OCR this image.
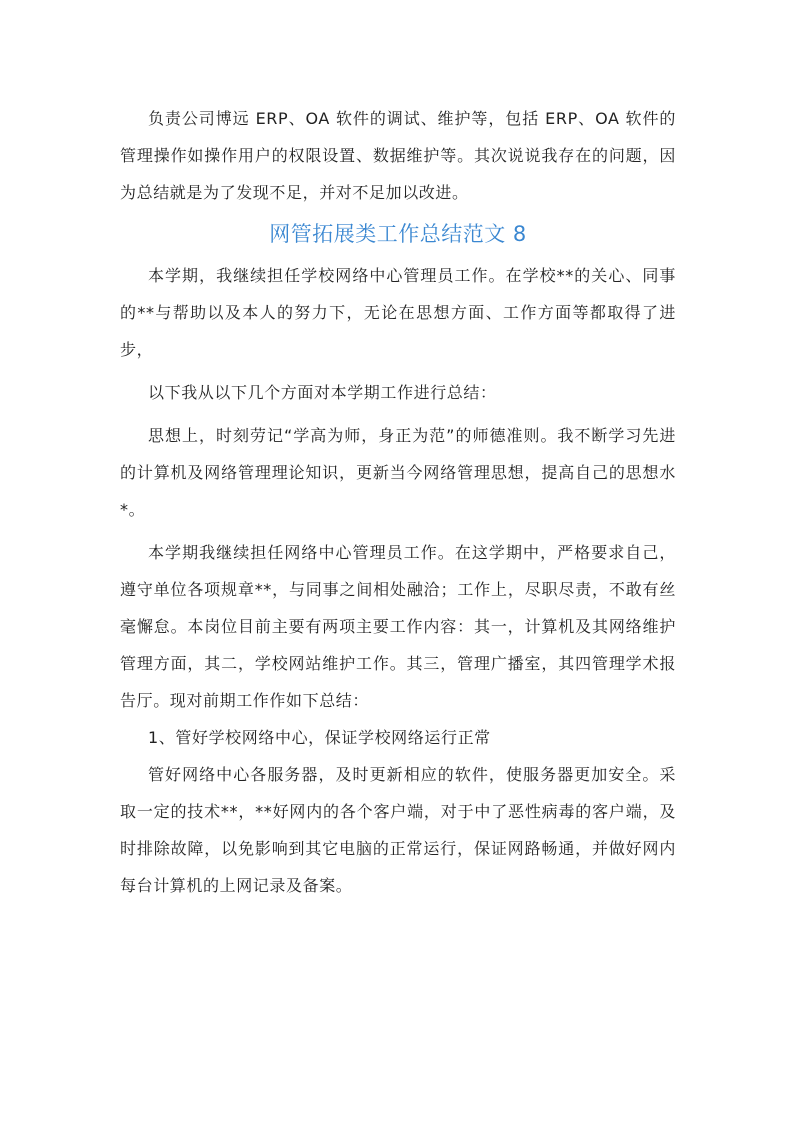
负责公司博远 ERP、OA 软件的调试、维护等，包括 ERP、OA 软件的管理操作如操作用户的权限设置、数据维护等。其次说说我存在的问题，因为总结就是为了发现不足，并对不足加以改进。

网管拓展类工作总结范文 8

本学期，我继续担任学校网络中心管理员工作。在学校**的关心、同事的**与帮助以及本人的努力下，无论在思想方面、工作方面等都取得了进步，

以下我从以下几个方面对本学期工作进行总结：

思想上，时刻劳记“学高为师，身正为范”的师德准则。我不断学习先进的计算机及网络管理理论知识，更新当今网络管理思想，提高自己的思想水*。

本学期我继续担任网络中心管理员工作。在这学期中，严格要求自己，遵守单位各项规章**，与同事之间相处融洽；工作上，尽职尽责，不敢有丝毫懈怠。本岗位目前主要有两项主要工作内容：其一，计算机及其网络维护管理方面，其二，学校网站维护工作。其三，管理广播室，其四管理学术报告厅。现对前期工作作如下总结：

1、管好学校网络中心，保证学校网络运行正常

管好网络中心各服务器，及时更新相应的软件，使服务器更加安全。采取一定的技术**，**好网内的各个客户端，对于中了恶性病毒的客户端，及时排除故障，以免影响到其它电脑的正常运行，保证网路畅通，并做好网内每台计算机的上网记录及备案。
